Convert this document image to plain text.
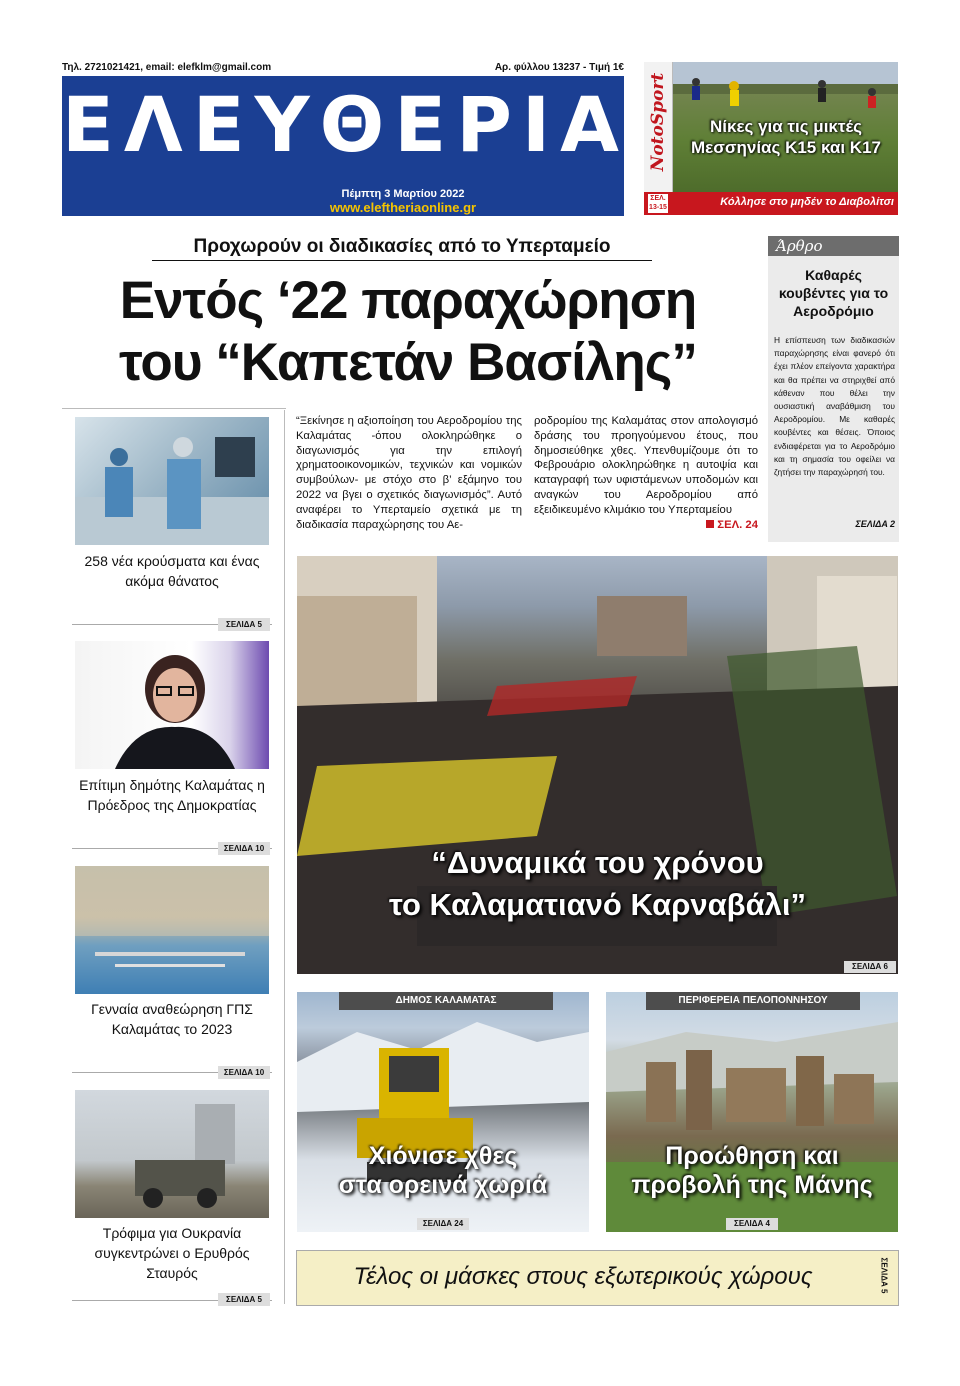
Τηλ. 2721021421, email: elefklm@gmail.com	Αρ. φύλλου 13237 - Τιμή 1€
ΕΛΕΥΘΕΡΙΑ
Πέμπτη 3 Μαρτίου 2022
www.eleftheriaonline.gr
NotoSport	Νίκες για τις μικτές Μεσσηνίας Κ15 και Κ17
ΣΕΛ. 13-15	Κόλλησε στο μηδέν το Διαβολίτσι
Προχωρούν οι διαδικασίες από το Υπερταμείο
Εντός ‘22 παραχώρηση
του “Καπετάν Βασίλης”
“Ξεκίνησε η αξιοποίηση του Αεροδρομίου της Καλαμάτας -όπου ολοκληρώθηκε ο διαγωνισμός για την επιλογή χρηματοοικονομικών, τεχνικών και νομικών συμβούλων- με στόχο στο β’ εξάμηνο του 2022 να βγει ο σχετικός διαγωνισμός”. Αυτό αναφέρει το Υπερταμείο σχετικά με τη διαδικασία παραχώρησης του Αε-
ροδρομίου της Καλαμάτας στον απολογισμό δράσης του προηγούμενου έτους, που δημοσιεύθηκε χθες. Υπενθυμίζουμε ότι το Φεβρουάριο ολοκληρώθηκε η αυτοψία και καταγραφή των υφιστάμενων υποδομών και αναγκών του Αεροδρομίου από εξειδικευμένο κλιμάκιο του Υπερταμείου
ΣΕΛ. 24
Άρθρο
Καθαρές κουβέντες για το Αεροδρόμιο
Η επίσπευση των διαδικασιών παραχώρησης είναι φανερό ότι έχει πλέον επείγοντα χαρακτήρα και θα πρέπει να στηριχθεί από κάθεναν που θέλει την ουσιαστική αναβάθμιση του Αεροδρομίου. Με καθαρές κουβέντες και θέσεις. Όποιος ενδιαφέρεται για το Αεροδρόμιο και τη σημασία του οφείλει να ζητήσει την παραχώρησή του.
ΣΕΛΙΔΑ 2
258 νέα κρούσματα και ένας ακόμα θάνατος
ΣΕΛΙΔΑ 5
Επίτιμη δημότης Καλαμάτας η Πρόεδρος της Δημοκρατίας
ΣΕΛΙΔΑ 10
Γενναία αναθεώρηση ΓΠΣ Καλαμάτας το 2023
ΣΕΛΙΔΑ 10
Τρόφιμα για Ουκρανία συγκεντρώνει ο Ερυθρός Σταυρός
ΣΕΛΙΔΑ 5
“Δυναμικά του χρόνου
το Καλαματιανό Καρναβάλι”
ΣΕΛΙΔΑ 6
ΔΗΜΟΣ ΚΑΛΑΜΑΤΑΣ
Χιόνισε χθες
στα ορεινά χωριά
ΣΕΛΙΔΑ 24
ΠΕΡΙΦΕΡΕΙΑ ΠΕΛΟΠΟΝΝΗΣΟΥ
Προώθηση και
προβολή της Μάνης
ΣΕΛΙΔΑ 4
Τέλος οι μάσκες στους εξωτερικούς χώρους	ΣΕΛΙΔΑ 5
